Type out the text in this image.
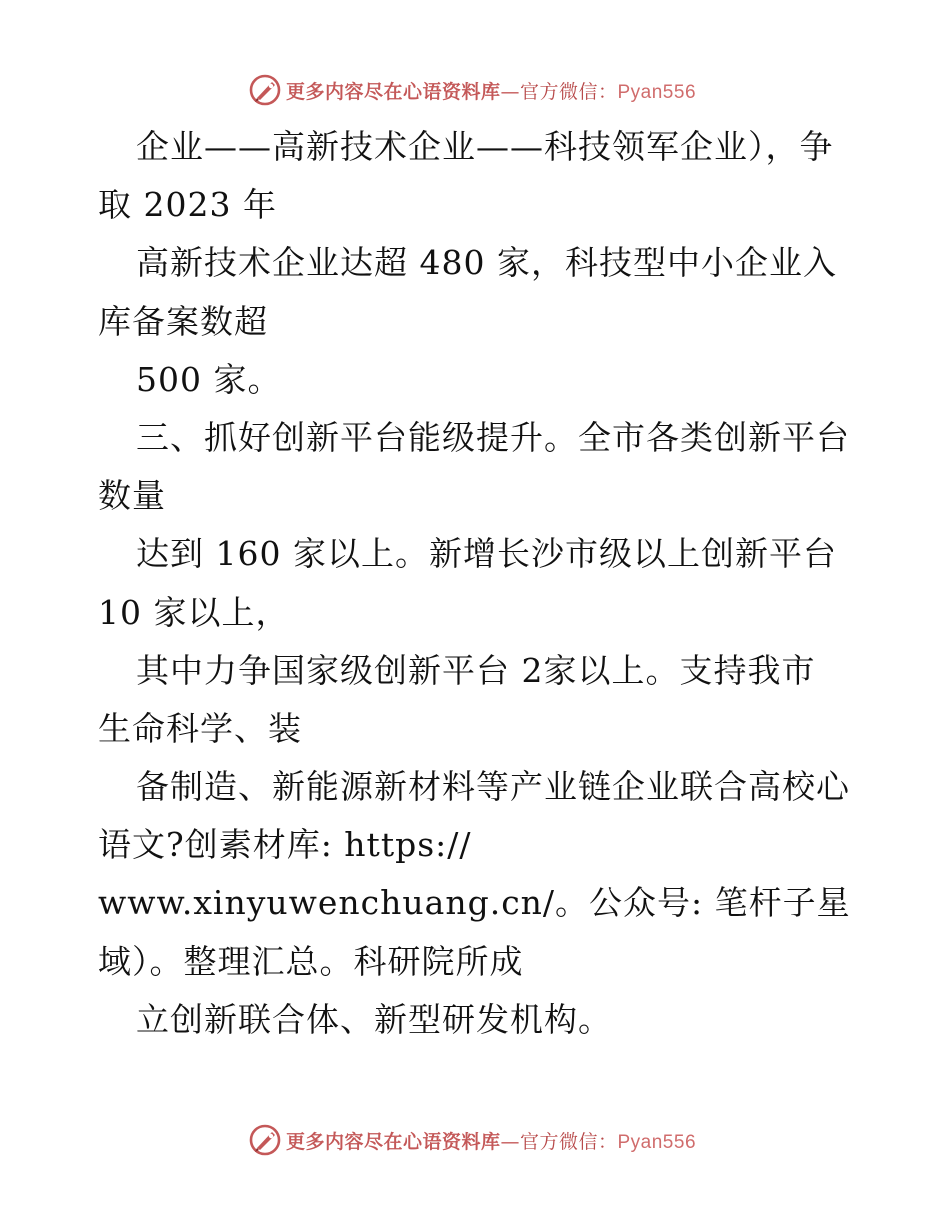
更多内容尽在心语资料库—官方微信：Pyan556
企业——高新技术企业——科技领军企业），争
取 2023 年
高新技术企业达超 480 家，科技型中小企业入
库备案数超
500 家。
三、抓好创新平台能级提升。全市各类创新平台
数量
达到 160 家以上。新增长沙市级以上创新平台
10 家以上，
其中力争国家级创新平台 2家以上。支持我市
生命科学、装
备制造、新能源新材料等产业链企业联合高校心
语文?创素材库: https://
www.xinyuwenchuang.cn/。公众号: 笔杆子星
域）。整理汇总。科研院所成
立创新联合体、新型研发机构。
更多内容尽在心语资料库—官方微信：Pyan556
